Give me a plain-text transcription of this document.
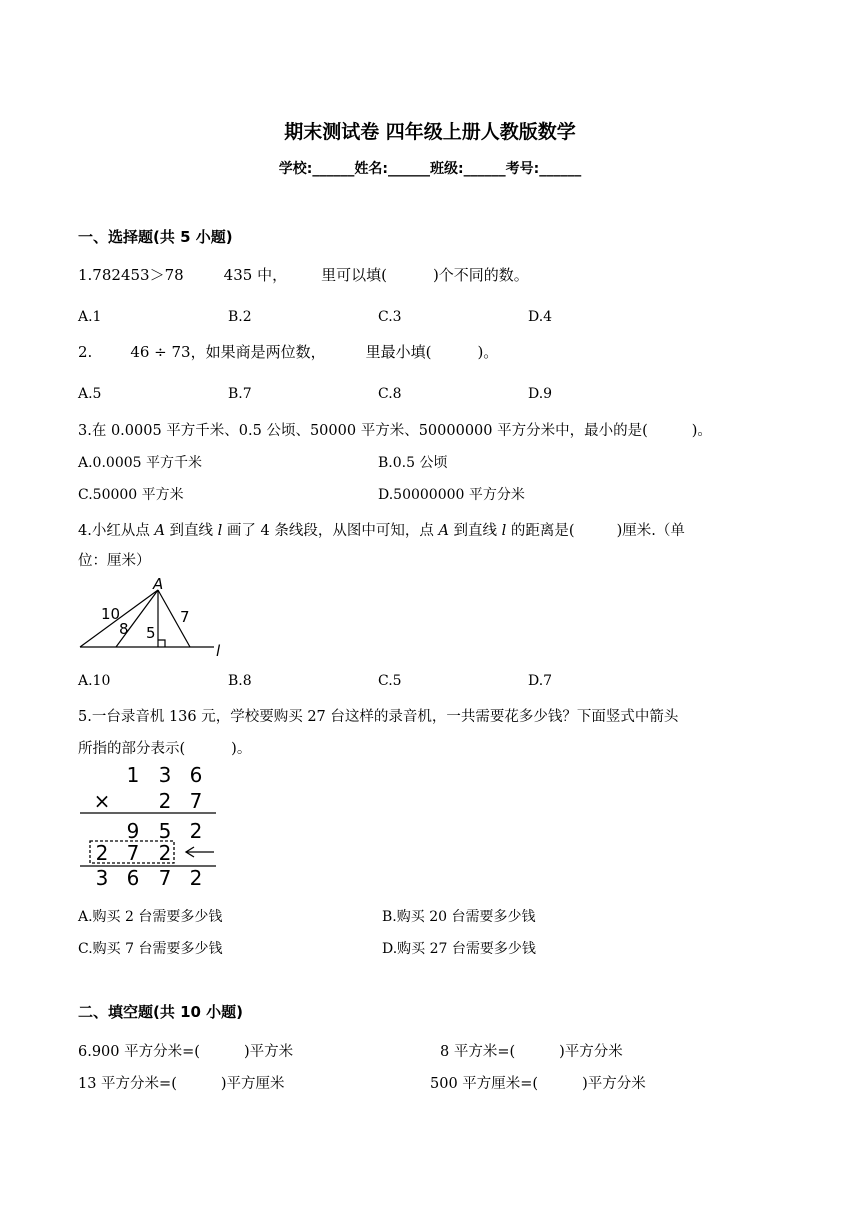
期末测试卷 四年级上册人教版数学
学校:______姓名:______班级:______考号:______
一、选择题(共 5 小题)
1.782453＞78	435 中， 里可以填(	)个不同的数。
A.1	B.2	C.3	D.4
2.	46 ÷ 73，如果商是两位数，	里最小填(	)。
A.5	B.7	C.8	D.9
3.在 0.0005 平方千米、0.5 公顷、50000 平方米、50000000 平方分米中，最小的是(	)。
A.0.0005 平方千米	B.0.5 公顷
C.50000 平方米	D.50000000 平方分米
4.小红从点 A 到直线 l 画了 4 条线段，从图中可知，点 A 到直线 l 的距离是(	)厘米.（单
位：厘米）
A
l
10
8 5
7
A.10	B.8	C.5	D.7
5.一台录音机 136 元，学校要购买 27 台这样的录音机，一共需要花多少钱？下面竖式中箭头
所指的部分表示(	)。
1 3 6
× 2 7
9 5 2
2 7 2
3 6 7 2
A.购买 2 台需要多少钱	B.购买 20 台需要多少钱
C.购买 7 台需要多少钱	D.购买 27 台需要多少钱
二、填空题(共 10 小题)
6.900 平方分米=(	)平方米	8 平方米=(	)平方分米
13 平方分米=(	)平方厘米	500 平方厘米=(	)平方分米
